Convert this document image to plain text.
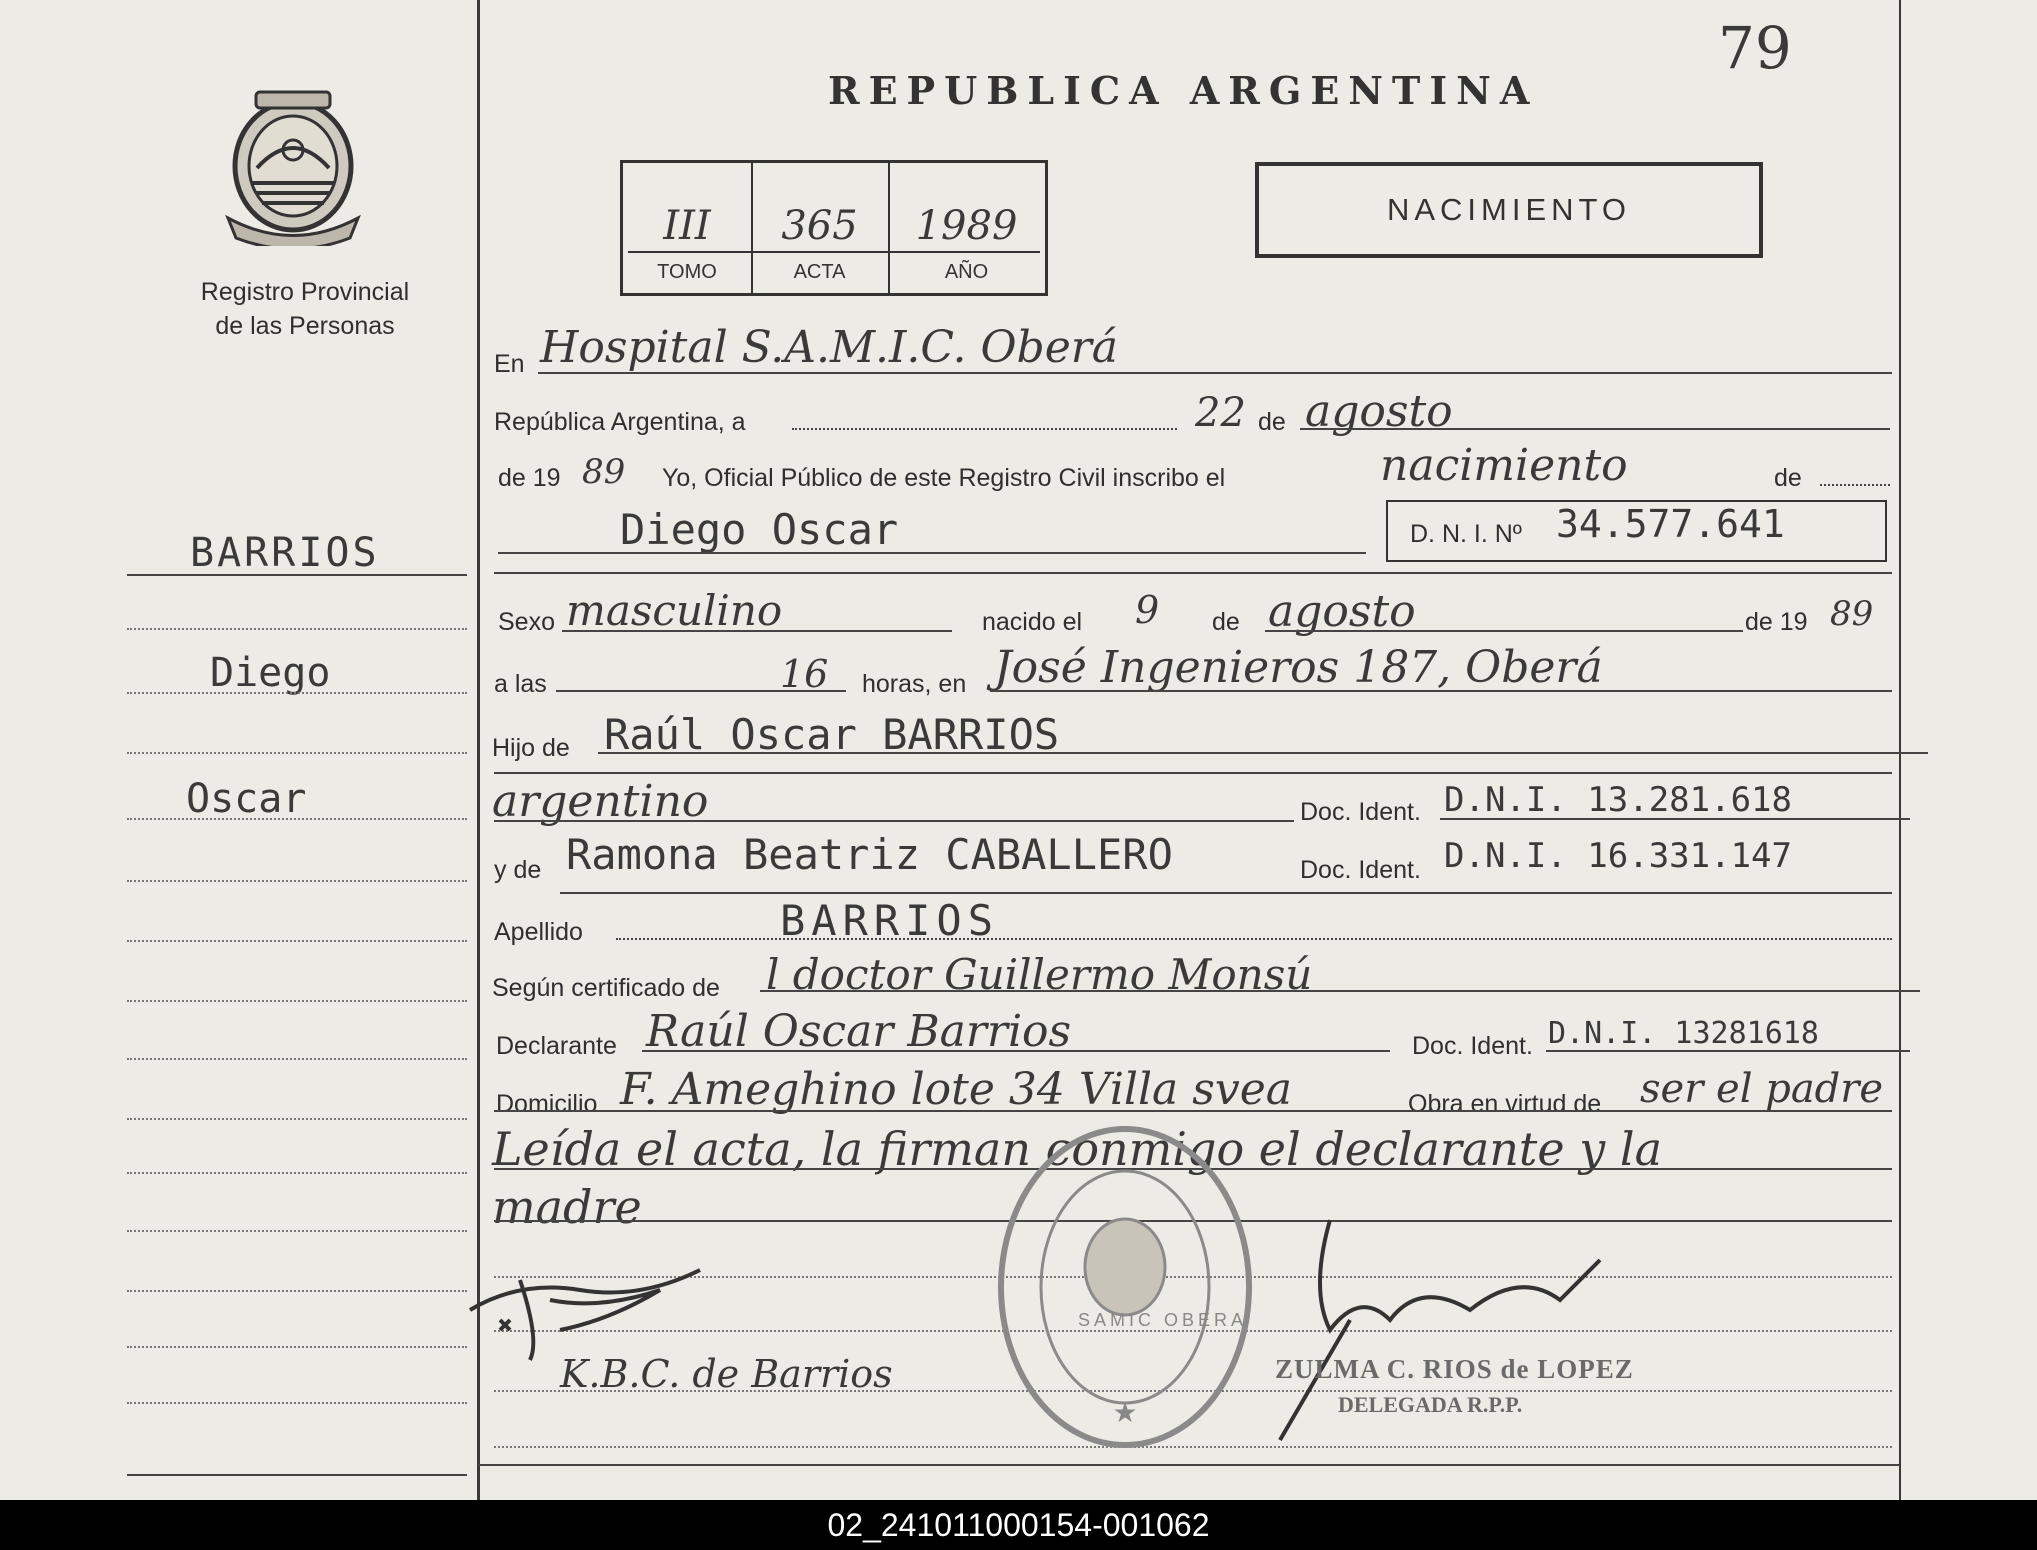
79
Registro Provincial
de las Personas
REPUBLICA ARGENTINA
III	365	1989
TOMO	ACTA	AÑO
NACIMIENTO
BARRIOS
Diego
Oscar
En Hospital S.A.M.I.C. Oberá
República Argentina, a	22 de agosto
de 19 89 Yo, Oficial Público de este Registro Civil inscribo el	nacimiento	de
Diego Oscar	D. N. I. Nº 34.577.641
Sexo masculino	nacido el 9 de agosto	de 19 89
a las	16 horas, en José Ingenieros 187, Oberá
Hijo de Raúl Oscar BARRIOS
argentino	Doc. Ident. D.N.I. 13.281.618
y de Ramona Beatriz CABALLERO	Doc. Ident. D.N.I. 16.331.147
Apellido	BARRIOS
Según certificado de l doctor Guillermo Monsú
Declarante Raúl Oscar Barrios	Doc. Ident. D.N.I. 13281618
Domicilio F. Ameghino lote 34 Villa svea	Obra en virtud de ser el padre
Leída el acta, la firman conmigo el declarante y la
madre
K.B.C. de Barrios
★
SAMIC OBERA
ZULMA C. RIOS de LOPEZ
DELEGADA R.P.P.
02_241011000154-001062
